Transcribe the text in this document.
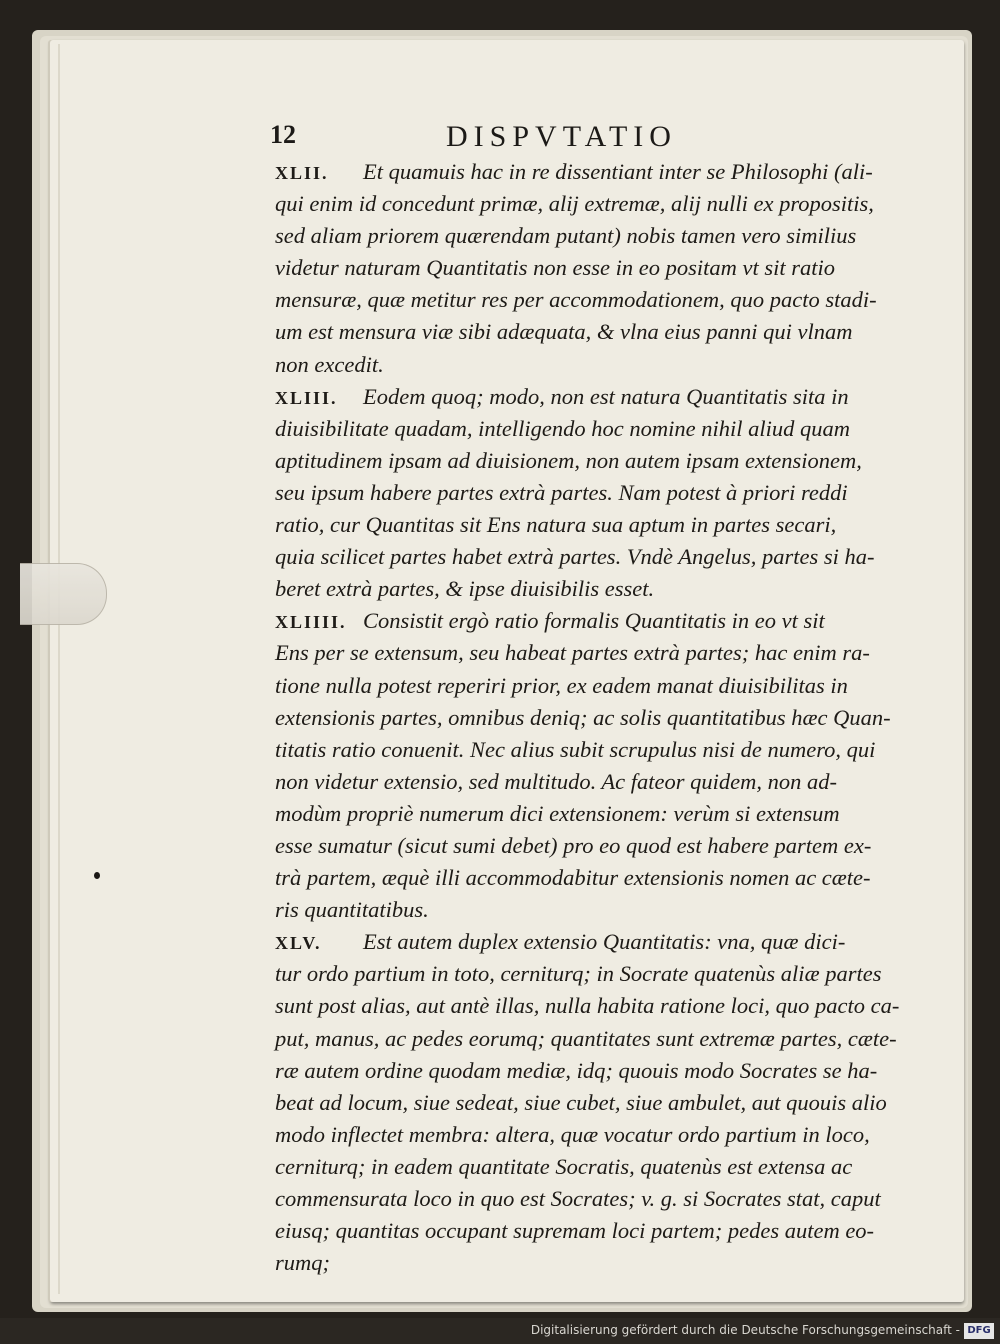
12	DISPVTATIO
XLII. Et quamuis hac in re dissentiant inter se Philosophi (ali-
qui enim id concedunt primæ, alij extremæ, alij nulli ex propositis,
sed aliam priorem quærendam putant) nobis tamen vero similius
videtur naturam Quantitatis non esse in eo positam vt sit ratio
mensuræ, quæ metitur res per accommodationem, quo pacto stadi-
um est mensura viæ sibi adæquata, & vlna eius panni qui vlnam
non excedit.
XLIII. Eodem quoq; modo, non est natura Quantitatis sita in
diuisibilitate quadam, intelligendo hoc nomine nihil aliud quam
aptitudinem ipsam ad diuisionem, non autem ipsam extensionem,
seu ipsum habere partes extrà partes. Nam potest à priori reddi
ratio, cur Quantitas sit Ens natura sua aptum in partes secari,
quia scilicet partes habet extrà partes. Vndè Angelus, partes si ha-
beret extrà partes, & ipse diuisibilis esset.
XLIIII. Consistit ergò ratio formalis Quantitatis in eo vt sit
Ens per se extensum, seu habeat partes extrà partes; hac enim ra-
tione nulla potest reperiri prior, ex eadem manat diuisibilitas in
extensionis partes, omnibus deniq; ac solis quantitatibus hæc Quan-
titatis ratio conuenit. Nec alius subit scrupulus nisi de numero, qui
non videtur extensio, sed multitudo. Ac fateor quidem, non ad-
modùm propriè numerum dici extensionem: verùm si extensum
esse sumatur (sicut sumi debet) pro eo quod est habere partem ex-
trà partem, æquè illi accommodabitur extensionis nomen ac cæte-
ris quantitatibus.
XLV. Est autem duplex extensio Quantitatis: vna, quæ dici-
tur ordo partium in toto, cerniturq; in Socrate quatenùs aliæ partes
sunt post alias, aut antè illas, nulla habita ratione loci, quo pacto ca-
put, manus, ac pedes eorumq; quantitates sunt extremæ partes, cæte-
ræ autem ordine quodam mediæ, idq; quouis modo Socrates se ha-
beat ad locum, siue sedeat, siue cubet, siue ambulet, aut quouis alio
modo inflectet membra: altera, quæ vocatur ordo partium in loco,
cerniturq; in eadem quantitate Socratis, quatenùs est extensa ac
commensurata loco in quo est Socrates; v. g. si Socrates stat, caput
eiusq; quantitas occupant supremam loci partem; pedes autem eo-
rumq;
Digitalisierung gefördert durch die Deutsche Forschungsgemeinschaft - DFG
